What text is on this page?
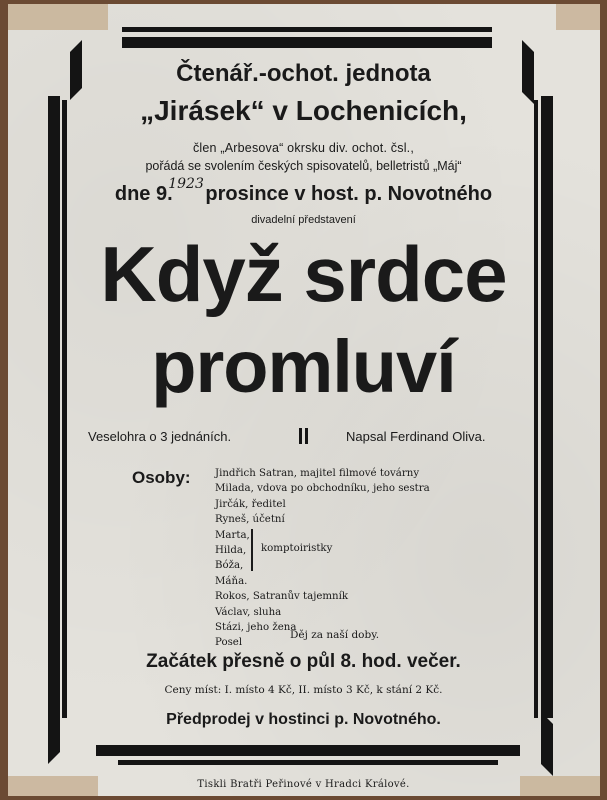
Čtenář.-ochot. jednota
„Jirásek“ v Lochenicích,
člen „Arbesova“ okrsku div. ochot. čsl.,
pořádá se svolením českých spisovatelů, belletristů „Máj“
dne 9. $^{1923}$ prosince v host. p. Novotného
divadelní představení
Když srdce
promluví
Veselohra o 3 jednáních.	Napsal Ferdinand Oliva.
Osoby: Jindřich Satran, majitel filmové továrny
Milada, vdova po obchodníku, jeho sestra
Jirčák, ředitel
Ryneš, účetní
Marta,
Hilda,
Bóža,
Máňa.
Rokos, Satranův tajemník
Václav, sluha
Stázi, jeho žena
Posel
komptoiristky
Děj za naší doby.
Začátek přesně o půl 8. hod. večer.
Ceny míst: I. místo 4 Kč, II. místo 3 Kč, k stání 2 Kč.
Předprodej v hostinci p. Novotného.
Tiskli Bratři Peřinové v Hradci Králové.
